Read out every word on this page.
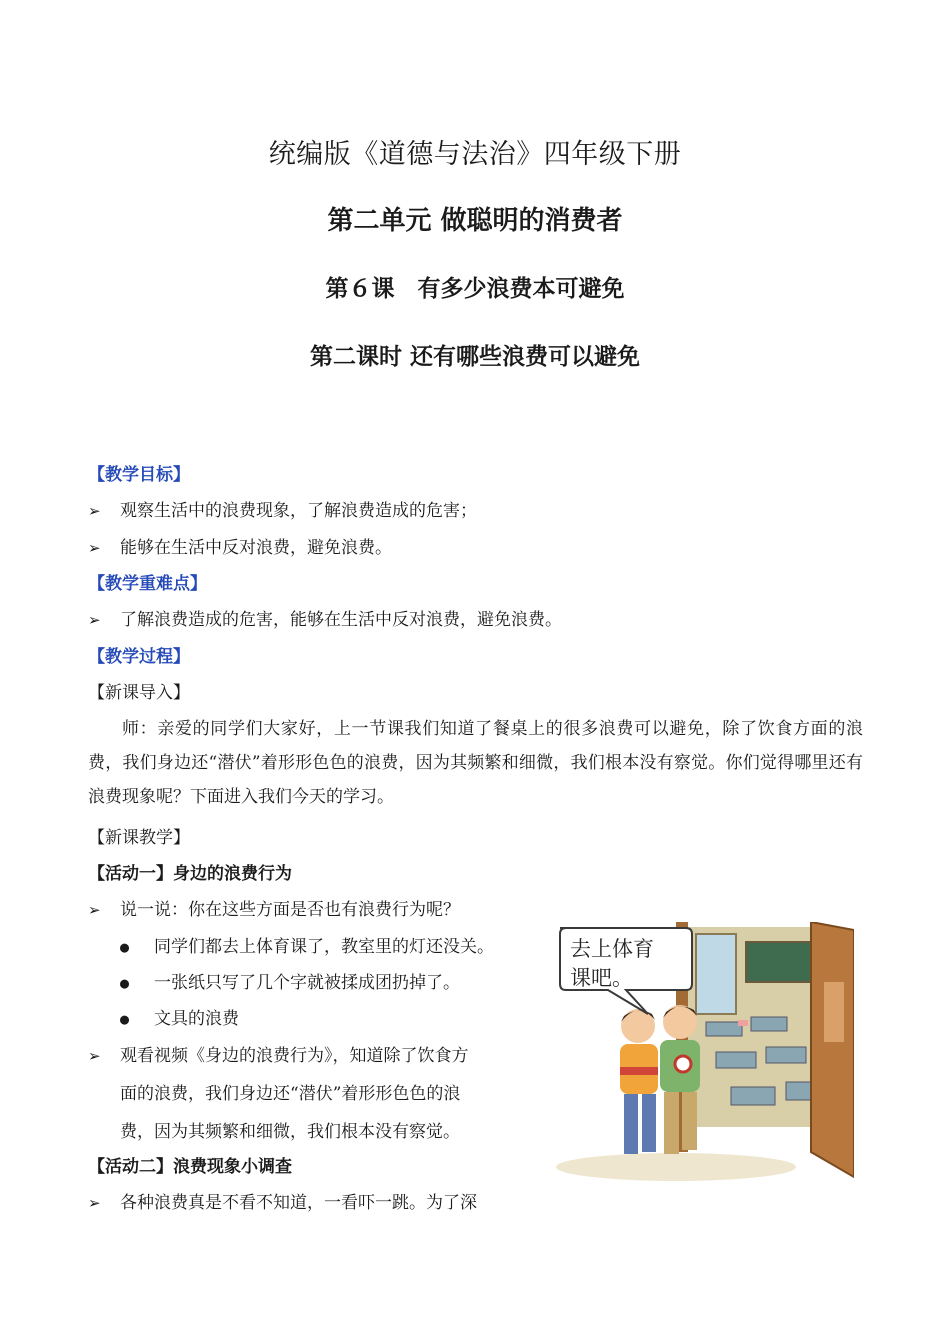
统编版《道德与法治》四年级下册
第二单元 做聪明的消费者
第６课　有多少浪费本可避免
第二课时 还有哪些浪费可以避免
【教学目标】
➢ 观察生活中的浪费现象，了解浪费造成的危害；
➢ 能够在生活中反对浪费，避免浪费。
【教学重难点】
➢ 了解浪费造成的危害，能够在生活中反对浪费，避免浪费。
【教学过程】
【新课导入】
师：亲爱的同学们大家好，上一节课我们知道了餐桌上的很多浪费可以避免，除了饮食方面的浪费，我们身边还“潜伏”着形形色色的浪费，因为其频繁和细微，我们根本没有察觉。你们觉得哪里还有浪费现象呢？下面进入我们今天的学习。
【新课教学】
【活动一】身边的浪费行为
➢ 说一说：你在这些方面是否也有浪费行为呢？
● 同学们都去上体育课了，教室里的灯还没关。
● 一张纸只写了几个字就被揉成团扔掉了。
● 文具的浪费
➢ 观看视频《身边的浪费行为》，知道除了饮食方
面的浪费，我们身边还“潜伏”着形形色色的浪
费，因为其频繁和细微，我们根本没有察觉。
【活动二】浪费现象小调查
➢ 各种浪费真是不看不知道，一看吓一跳。为了深
去上体育
课吧。
